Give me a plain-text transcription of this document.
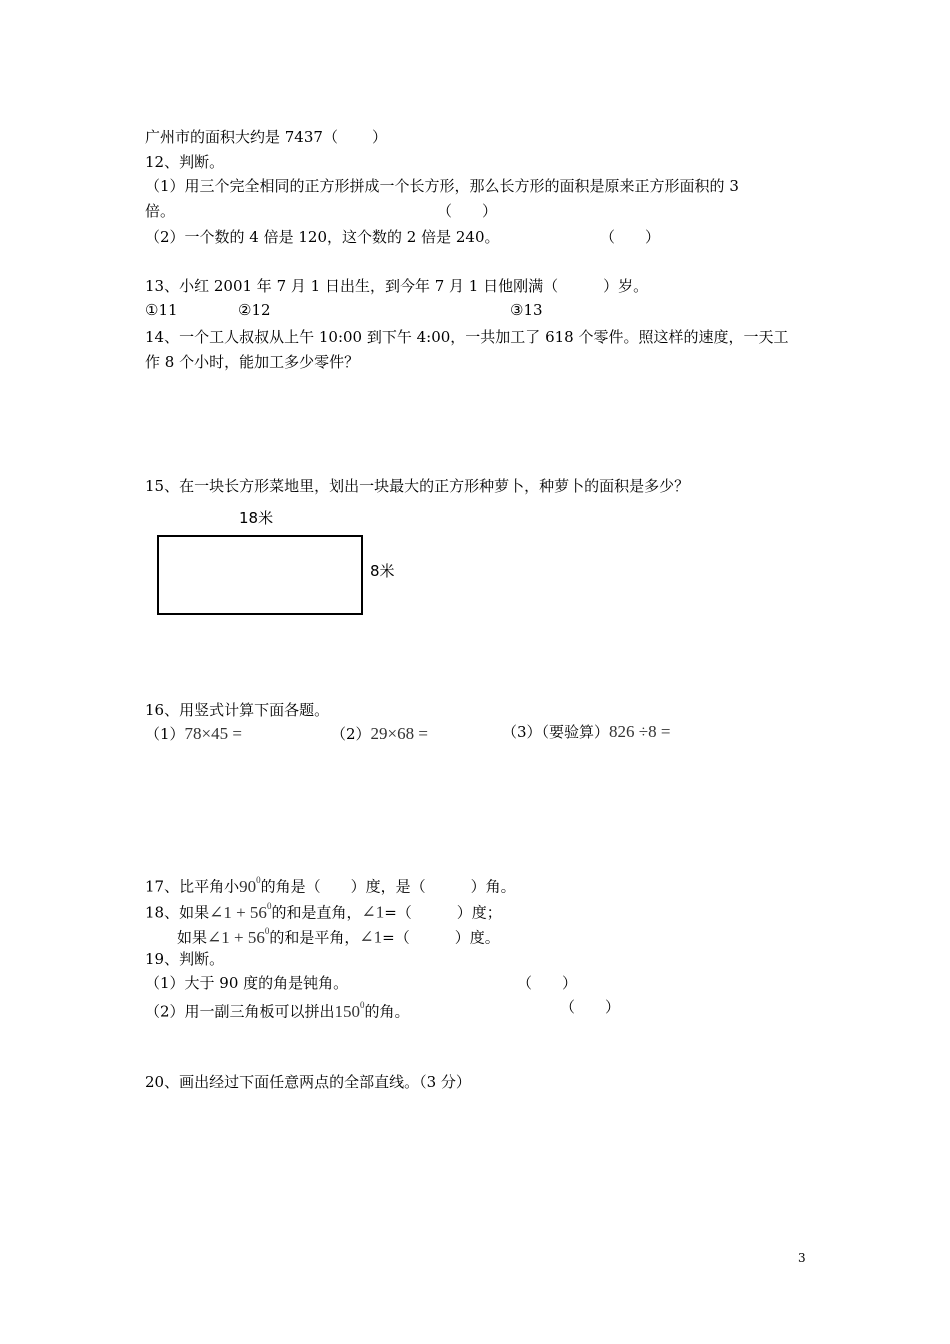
广州市的面积大约是 7437（ ）
12、判断。
（1）用三个完全相同的正方形拼成一个长方形，那么长方形的面积是原来正方形面积的 3
倍。	（　　）
（2）一个数的 4 倍是 120，这个数的 2 倍是 240。	（　　）
13、小红 2001 年 7 月 1 日出生，到今年 7 月 1 日他刚满（　　　）岁。
①11	②12	③13
14、一个工人叔叔从上午 10:00 到下午 4:00，一共加工了 618 个零件。照这样的速度，一天工
作 8 个小时，能加工多少零件？
15、在一块长方形菜地里，划出一块最大的正方形种萝卜，种萝卜的面积是多少？
18米
8米
16、用竖式计算下面各题。
（1）78×45 =	（2）29×68 =	（3）（要验算）826 ÷8 =
17、比平角小$90^0$的角是（　　）度，是（　　　）角。
18、如果∠1 + $56^0$的和是直角，∠1=（　　　）度；
如果∠1 + $56^0$的和是平角，∠1=（　　　）度。
19、判断。
（1）大于 90 度的角是钝角。	（　　）
（2）用一副三角板可以拼出$150^0$的角。	（　　）
20、画出经过下面任意两点的全部直线。（3 分）
3
